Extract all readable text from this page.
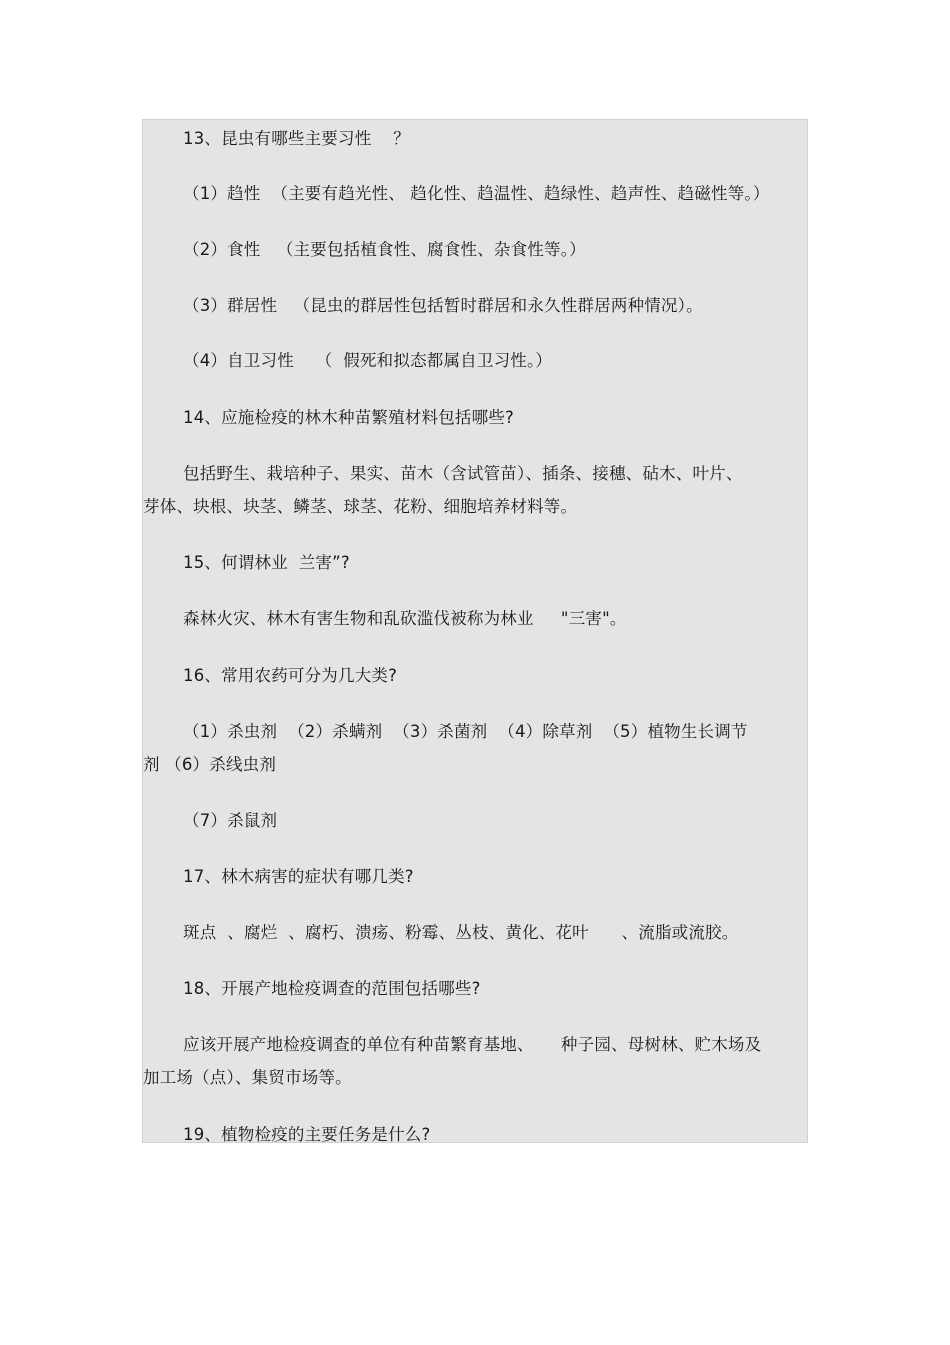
13、昆虫有哪些主要习性    ？
（1）趋性  （主要有趋光性、 趋化性、趋温性、趋绿性、趋声性、趋磁性等。）
（2）食性   （主要包括植食性、腐食性、杂食性等。）
（3）群居性   （昆虫的群居性包括暂时群居和永久性群居两种情况）。
（4）自卫习性    （  假死和拟态都属自卫习性。）
14、应施检疫的林木种苗繁殖材料包括哪些?
包括野生、栽培种子、果实、苗木（含试管苗）、插条、接穗、砧木、叶片、
芽体、块根、块茎、鳞茎、球茎、花粉、细胞培养材料等。
15、何谓林业  兰害”?
森林火灾、林木有害生物和乱砍滥伐被称为林业     "三害"。
16、常用农药可分为几大类?
（1）杀虫剂  （2）杀螨剂  （3）杀菌剂  （4）除草剂  （5）植物生长调节
剂 （6）杀线虫剂
（7）杀鼠剂
17、林木病害的症状有哪几类?
斑点  、腐烂  、腐朽、溃疡、粉霉、丛枝、黄化、花叶      、流脂或流胶。
18、开展产地检疫调查的范围包括哪些?
应该开展产地检疫调查的单位有种苗繁育基地、     种子园、母树林、贮木场及
加工场（点）、集贸市场等。
19、植物检疫的主要任务是什么?
